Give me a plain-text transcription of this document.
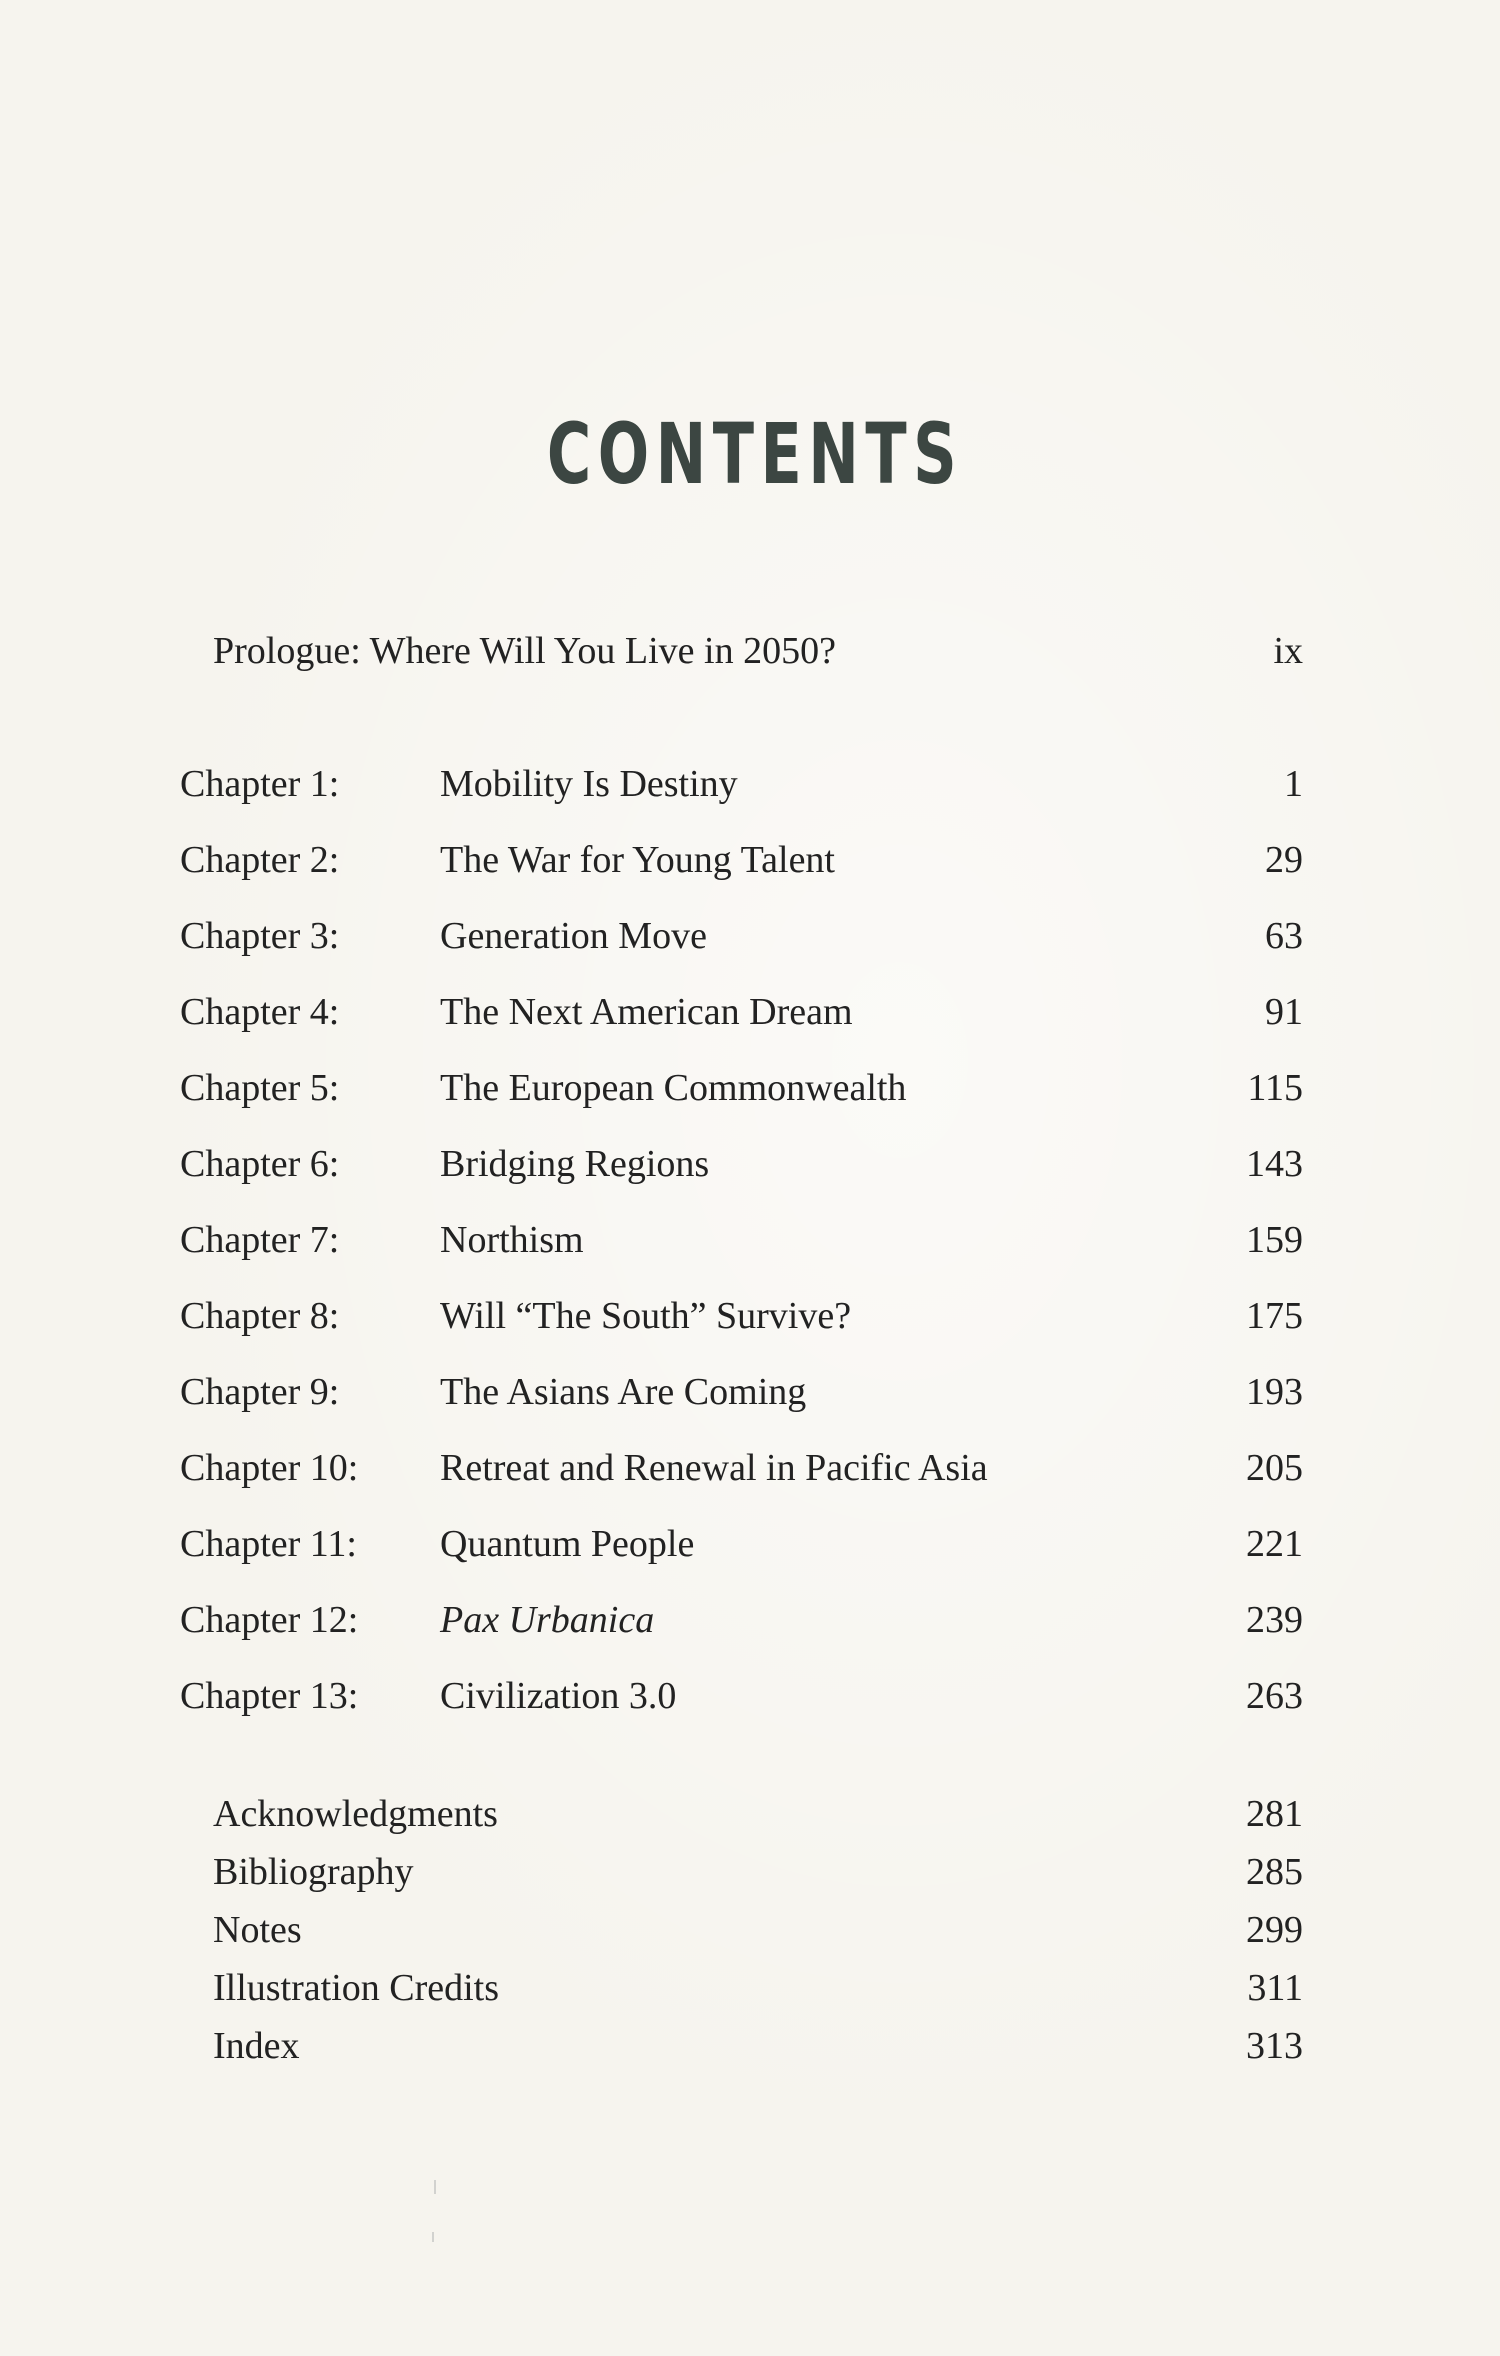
CONTENTS
Prologue: Where Will You Live in 2050?	ix
Chapter 1:	Mobility Is Destiny	1
Chapter 2:	The War for Young Talent	29
Chapter 3:	Generation Move	63
Chapter 4:	The Next American Dream	91
Chapter 5:	The European Commonwealth	115
Chapter 6:	Bridging Regions	143
Chapter 7:	Northism	159
Chapter 8:	Will “The South” Survive?	175
Chapter 9:	The Asians Are Coming	193
Chapter 10: Retreat and Renewal in Pacific Asia	205
Chapter 11: Quantum People	221
Chapter 12: Pax Urbanica	239
Chapter 13: Civilization 3.0	263
Acknowledgments	281
Bibliography	285
Notes	299
Illustration Credits	311
Index	313
